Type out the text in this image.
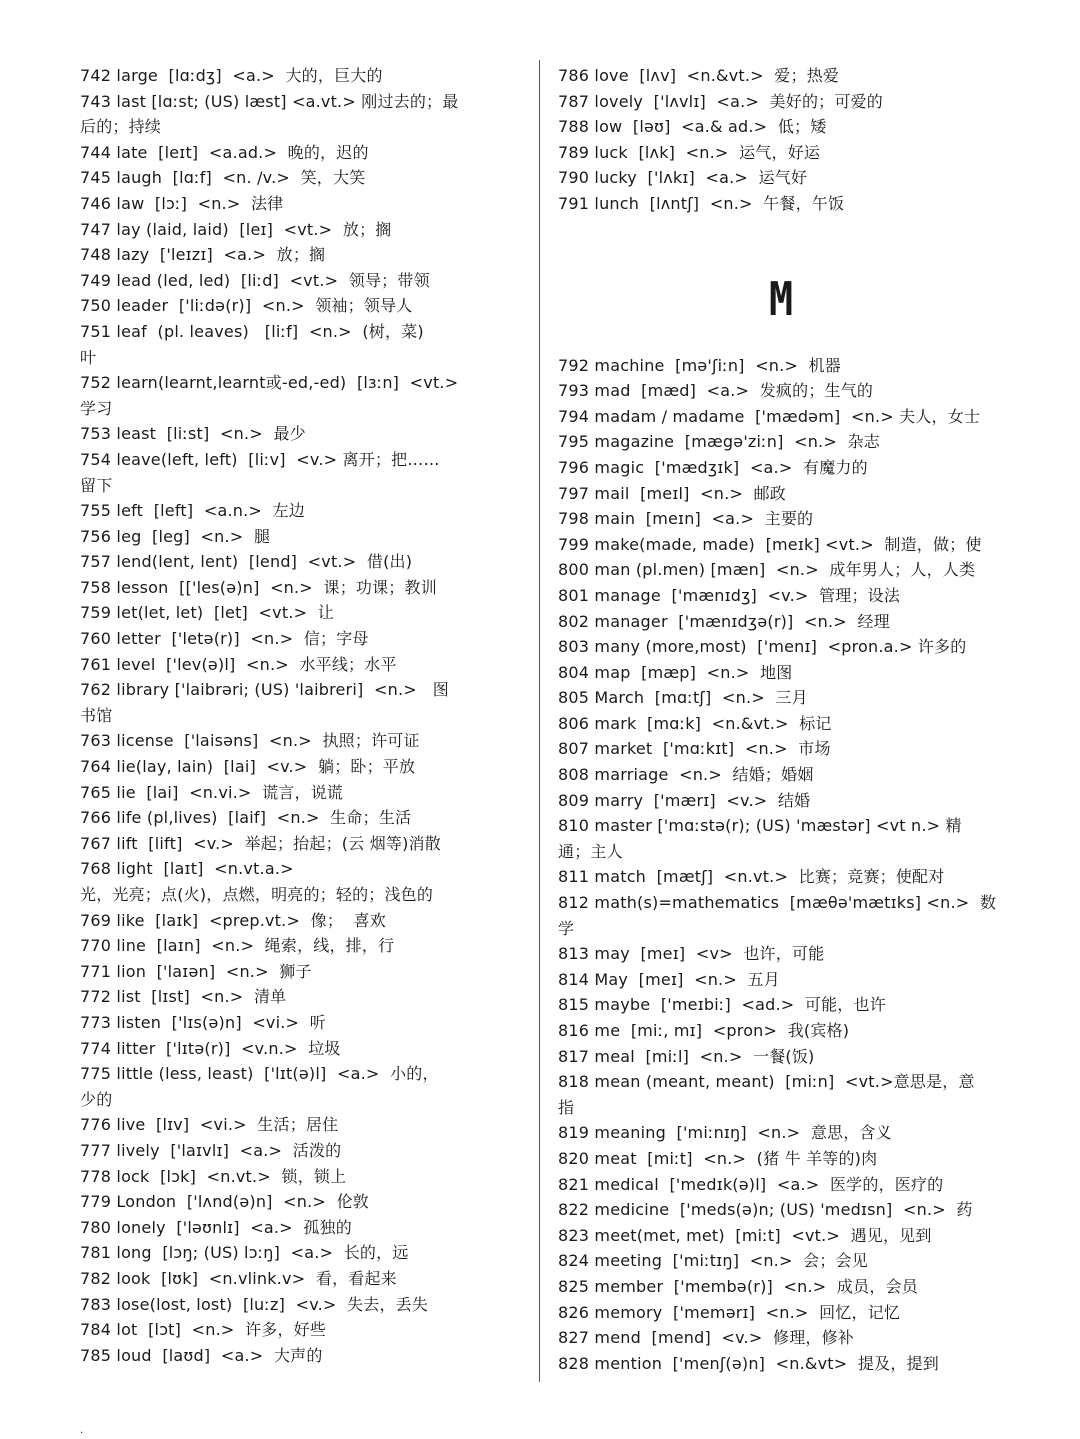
742 large  [lɑːdʒ]  <a.>  大的，巨大的
743 last [lɑːst; (US) læst] <a.vt.> 刚过去的；最
后的；持续
744 late  [leɪt]  <a.ad.>  晚的，迟的
745 laugh  [lɑːf]  <n. /v.>  笑，大笑
746 law  [lɔː]  <n.>  法律
747 lay (laid, laid)  [leɪ]  <vt.>  放；搁
748 lazy  ['leɪzɪ]  <a.>  放；搁
749 lead (led, led)  [liːd]  <vt.>  领导；带领
750 leader  ['liːdə(r)]  <n.>  领袖；领导人
751 leaf  (pl. leaves)   [liːf]  <n.>  (树，菜)
叶
752 learn(learnt,learnt或-ed,-ed)  [lɜːn]  <vt.>
学习
753 least  [liːst]  <n.>  最少
754 leave(left, left)  [liːv]  <v.> 离开；把……
留下
755 left  [left]  <a.n.>  左边
756 leg  [leg]  <n.>  腿
757 lend(lent, lent)  [lend]  <vt.>  借(出)
758 lesson  [['les(ə)n]  <n.>  课；功课；教训
759 let(let, let)  [let]  <vt.>  让
760 letter  ['letə(r)]  <n.>  信；字母
761 level  ['lev(ə)l]  <n.>  水平线；水平
762 library ['laibrəri; (US) 'laibreri]  <n.>   图
书馆
763 license  ['laisəns]  <n.>  执照；许可证
764 lie(lay, lain)  [lai]  <v.>  躺；卧；平放
765 lie  [lai]  <n.vi.>  谎言，说谎
766 life (pl,lives)  [laif]  <n.>  生命；生活
767 lift  [lift]  <v.>  举起；抬起；(云 烟等)消散
768 light  [laɪt]  <n.vt.a.>
光，光亮；点(火)，点燃，明亮的；轻的；浅色的
769 like  [laɪk]  <prep.vt.>  像；  喜欢
770 line  [laɪn]  <n.>  绳索，线，排，行
771 lion  ['laɪən]  <n.>  狮子
772 list  [lɪst]  <n.>  清单
773 listen  ['lɪs(ə)n]  <vi.>  听
774 litter  ['lɪtə(r)]  <v.n.>  垃圾
775 little (less, least)  ['lɪt(ə)l]  <a.>  小的，
少的
776 live  [lɪv]  <vi.>  生活；居住
777 lively  ['laɪvlɪ]  <a.>  活泼的
778 lock  [lɔk]  <n.vt.>  锁，锁上
779 London  ['lʌnd(ə)n]  <n.>  伦敦
780 lonely  ['ləʊnlɪ]  <a.>  孤独的
781 long  [lɔŋ; (US) lɔːŋ]  <a.>  长的，远
782 look  [lʊk]  <n.vlink.v>  看，看起来
783 lose(lost, lost)  [luːz]  <v.>  失去，丢失
784 lot  [lɔt]  <n.>  许多，好些
785 loud  [laʊd]  <a.>  大声的
786 love  [lʌv]  <n.&vt.>  爱；热爱
787 lovely  ['lʌvlɪ]  <a.>  美好的；可爱的
788 low  [ləʊ]  <a.& ad.>  低；矮
789 luck  [lʌk]  <n.>  运气，好运
790 lucky  ['lʌkɪ]  <a.>  运气好
791 lunch  [lʌntʃ]  <n.>  午餐，午饭
M
792 machine  [mə'ʃiːn]  <n.>  机器
793 mad  [mæd]  <a.>  发疯的；生气的
794 madam / madame  ['mædəm]  <n.> 夫人，女士
795 magazine  [mægə'ziːn]  <n.>  杂志
796 magic  ['mædʒɪk]  <a.>  有魔力的
797 mail  [meɪl]  <n.>  邮政
798 main  [meɪn]  <a.>  主要的
799 make(made, made)  [meɪk] <vt.>  制造，做；使
800 man (pl.men) [mæn]  <n.>  成年男人；人，人类
801 manage  ['mænɪdʒ]  <v.>  管理；设法
802 manager  ['mænɪdʒə(r)]  <n.>  经理
803 many (more,most)  ['menɪ]  <pron.a.> 许多的
804 map  [mæp]  <n.>  地图
805 March  [mɑːtʃ]  <n.>  三月
806 mark  [mɑːk]  <n.&vt.>  标记
807 market  ['mɑːkɪt]  <n.>  市场
808 marriage  <n.>  结婚；婚姻
809 marry  ['mærɪ]  <v.>  结婚
810 master ['mɑːstə(r); (US) 'mæstər] <vt n.> 精
通；主人
811 match  [mætʃ]  <n.vt.>  比赛；竞赛；使配对
812 math(s)=mathematics  [mæθə'mætɪks] <n.>  数
学
813 may  [meɪ]  <v>  也许，可能
814 May  [meɪ]  <n.>  五月
815 maybe  ['meɪbiː]  <ad.>  可能，也许
816 me  [miː, mɪ]  <pron>  我(宾格)
817 meal  [miːl]  <n.>  一餐(饭)
818 mean (meant, meant)  [miːn]  <vt.>意思是，意
指
819 meaning  ['miːnɪŋ]  <n.>  意思，含义
820 meat  [miːt]  <n.>  (猪 牛 羊等的)肉
821 medical  ['medɪk(ə)l]  <a.>  医学的，医疗的
822 medicine  ['meds(ə)n; (US) 'medɪsn]  <n.>  药
823 meet(met, met)  [miːt]  <vt.>  遇见，见到
824 meeting  ['miːtɪŋ]  <n.>  会；会见
825 member  ['membə(r)]  <n.>  成员，会员
826 memory  ['memərɪ]  <n.>  回忆，记忆
827 mend  [mend]  <v.>  修理，修补
828 mention  ['menʃ(ə)n]  <n.&vt>  提及，提到
.
